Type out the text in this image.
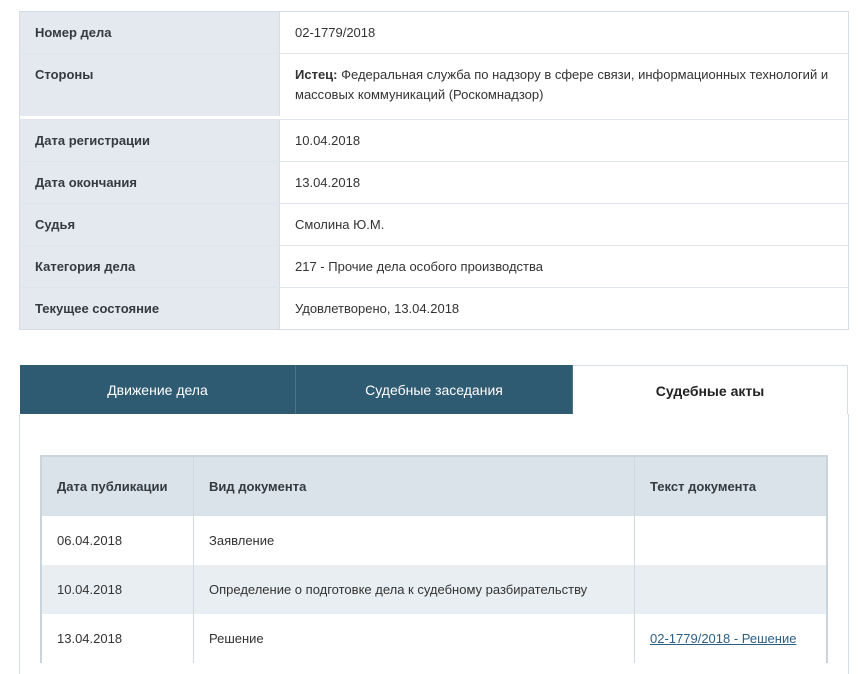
Номер дела	02-1779/2018
Стороны	Истец: Федеральная служба по надзору в сфере связи, информационных технологий и массовых коммуникаций (Роскомнадзор)
Дата регистрации	10.04.2018
Дата окончания	13.04.2018
Судья	Смолина Ю.М.
Категория дела	217 - Прочие дела особого производства
Текущее состояние	Удовлетворено, 13.04.2018
Движение дела	Судебные заседания	Судебные акты
Дата публикации	Вид документа	Текст документа
06.04.2018	Заявление
10.04.2018	Определение о подготовке дела к судебному разбирательству
13.04.2018	Решение	02-1779/2018 - Решение
